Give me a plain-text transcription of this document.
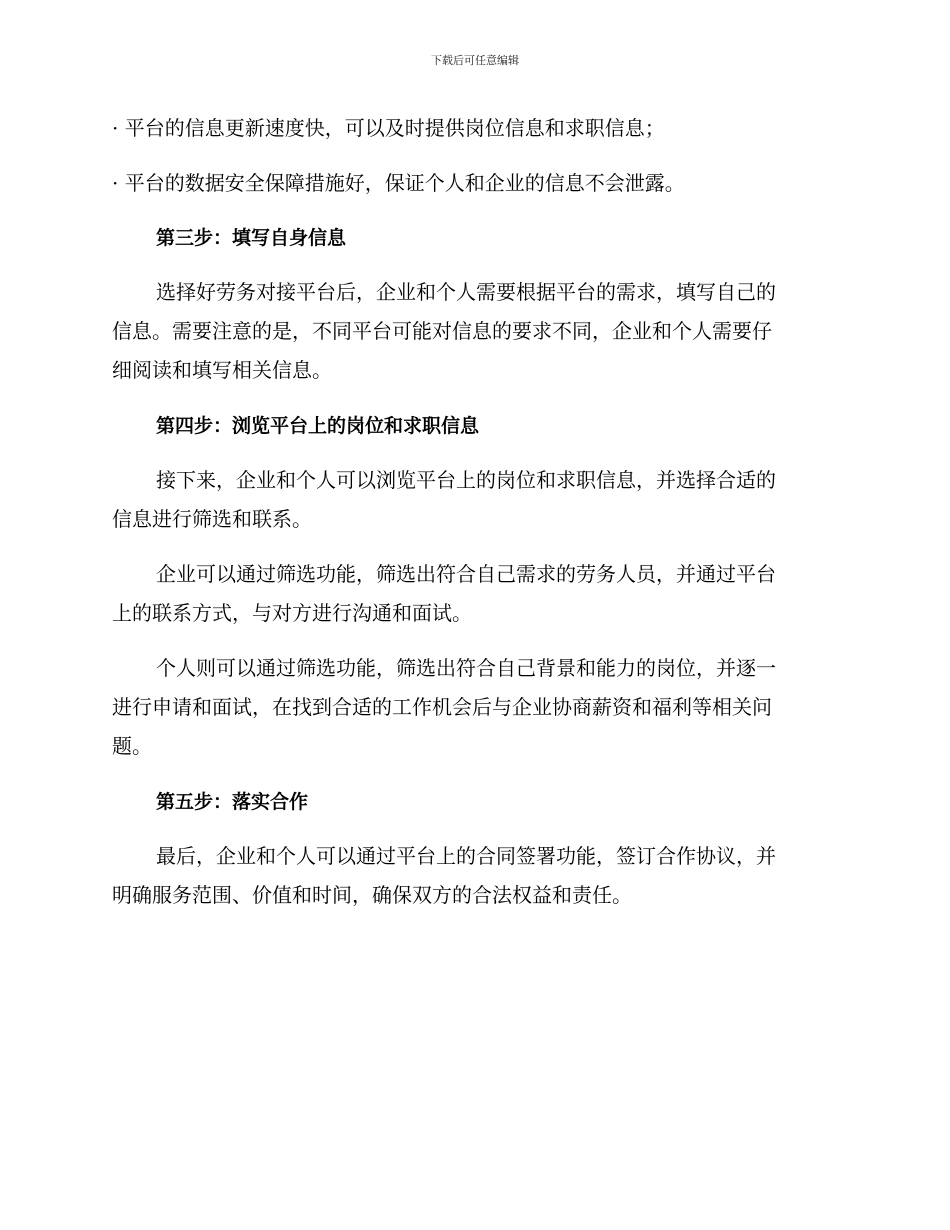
下载后可任意编辑
· 平台的信息更新速度快，可以及时提供岗位信息和求职信息；
· 平台的数据安全保障措施好，保证个人和企业的信息不会泄露。
第三步：填写自身信息
选择好劳务对接平台后，企业和个人需要根据平台的需求，填写自己的
信息。需要注意的是，不同平台可能对信息的要求不同，企业和个人需要仔
细阅读和填写相关信息。
第四步：浏览平台上的岗位和求职信息
接下来，企业和个人可以浏览平台上的岗位和求职信息，并选择合适的
信息进行筛选和联系。
企业可以通过筛选功能，筛选出符合自己需求的劳务人员，并通过平台
上的联系方式，与对方进行沟通和面试。
个人则可以通过筛选功能，筛选出符合自己背景和能力的岗位，并逐一
进行申请和面试，在找到合适的工作机会后与企业协商薪资和福利等相关问
题。
第五步：落实合作
最后，企业和个人可以通过平台上的合同签署功能，签订合作协议，并
明确服务范围、价值和时间，确保双方的合法权益和责任。
